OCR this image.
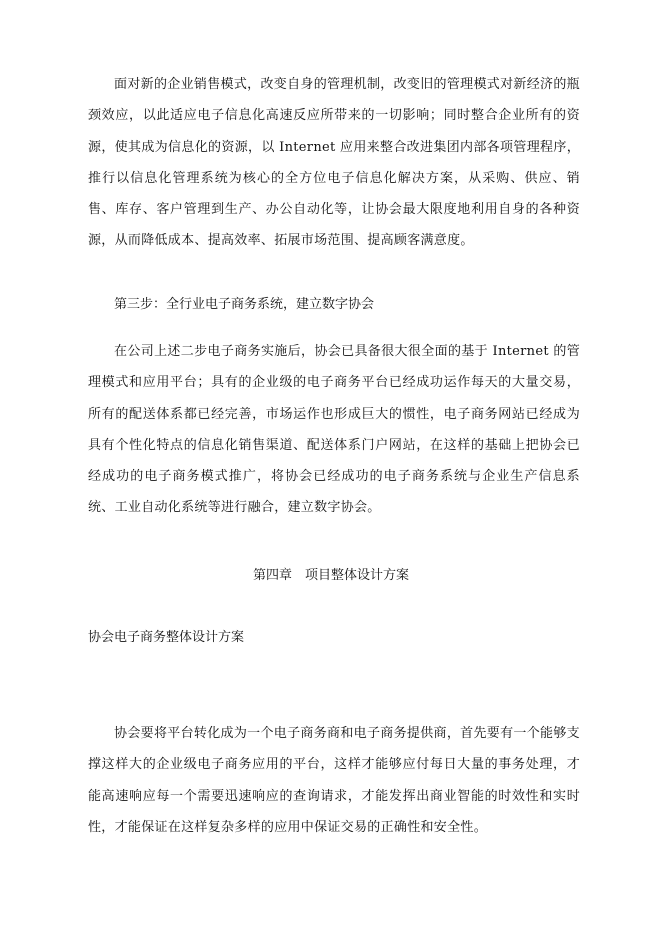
面对新的企业销售模式，改变自身的管理机制，改变旧的管理模式对新经济的瓶颈效应，以此适应电子信息化高速反应所带来的一切影响；同时整合企业所有的资源，使其成为信息化的资源，以 Internet 应用来整合改进集团内部各项管理程序，推行以信息化管理系统为核心的全方位电子信息化解决方案，从采购、供应、销售、库存、客户管理到生产、办公自动化等，让协会最大限度地利用自身的各种资源，从而降低成本、提高效率、拓展市场范围、提高顾客满意度。

第三步：全行业电子商务系统，建立数字协会

在公司上述二步电子商务实施后，协会已具备很大很全面的基于 Internet 的管理模式和应用平台；具有的企业级的电子商务平台已经成功运作每天的大量交易，所有的配送体系都已经完善，市场运作也形成巨大的惯性，电子商务网站已经成为具有个性化特点的信息化销售渠道、配送体系门户网站，在这样的基础上把协会已经成功的电子商务模式推广，将协会已经成功的电子商务系统与企业生产信息系统、工业自动化系统等进行融合，建立数字协会。

第四章　项目整体设计方案

协会电子商务整体设计方案

协会要将平台转化成为一个电子商务商和电子商务提供商，首先要有一个能够支撑这样大的企业级电子商务应用的平台，这样才能够应付每日大量的事务处理，才能高速响应每一个需要迅速响应的查询请求，才能发挥出商业智能的时效性和实时性，才能保证在这样复杂多样的应用中保证交易的正确性和安全性。
